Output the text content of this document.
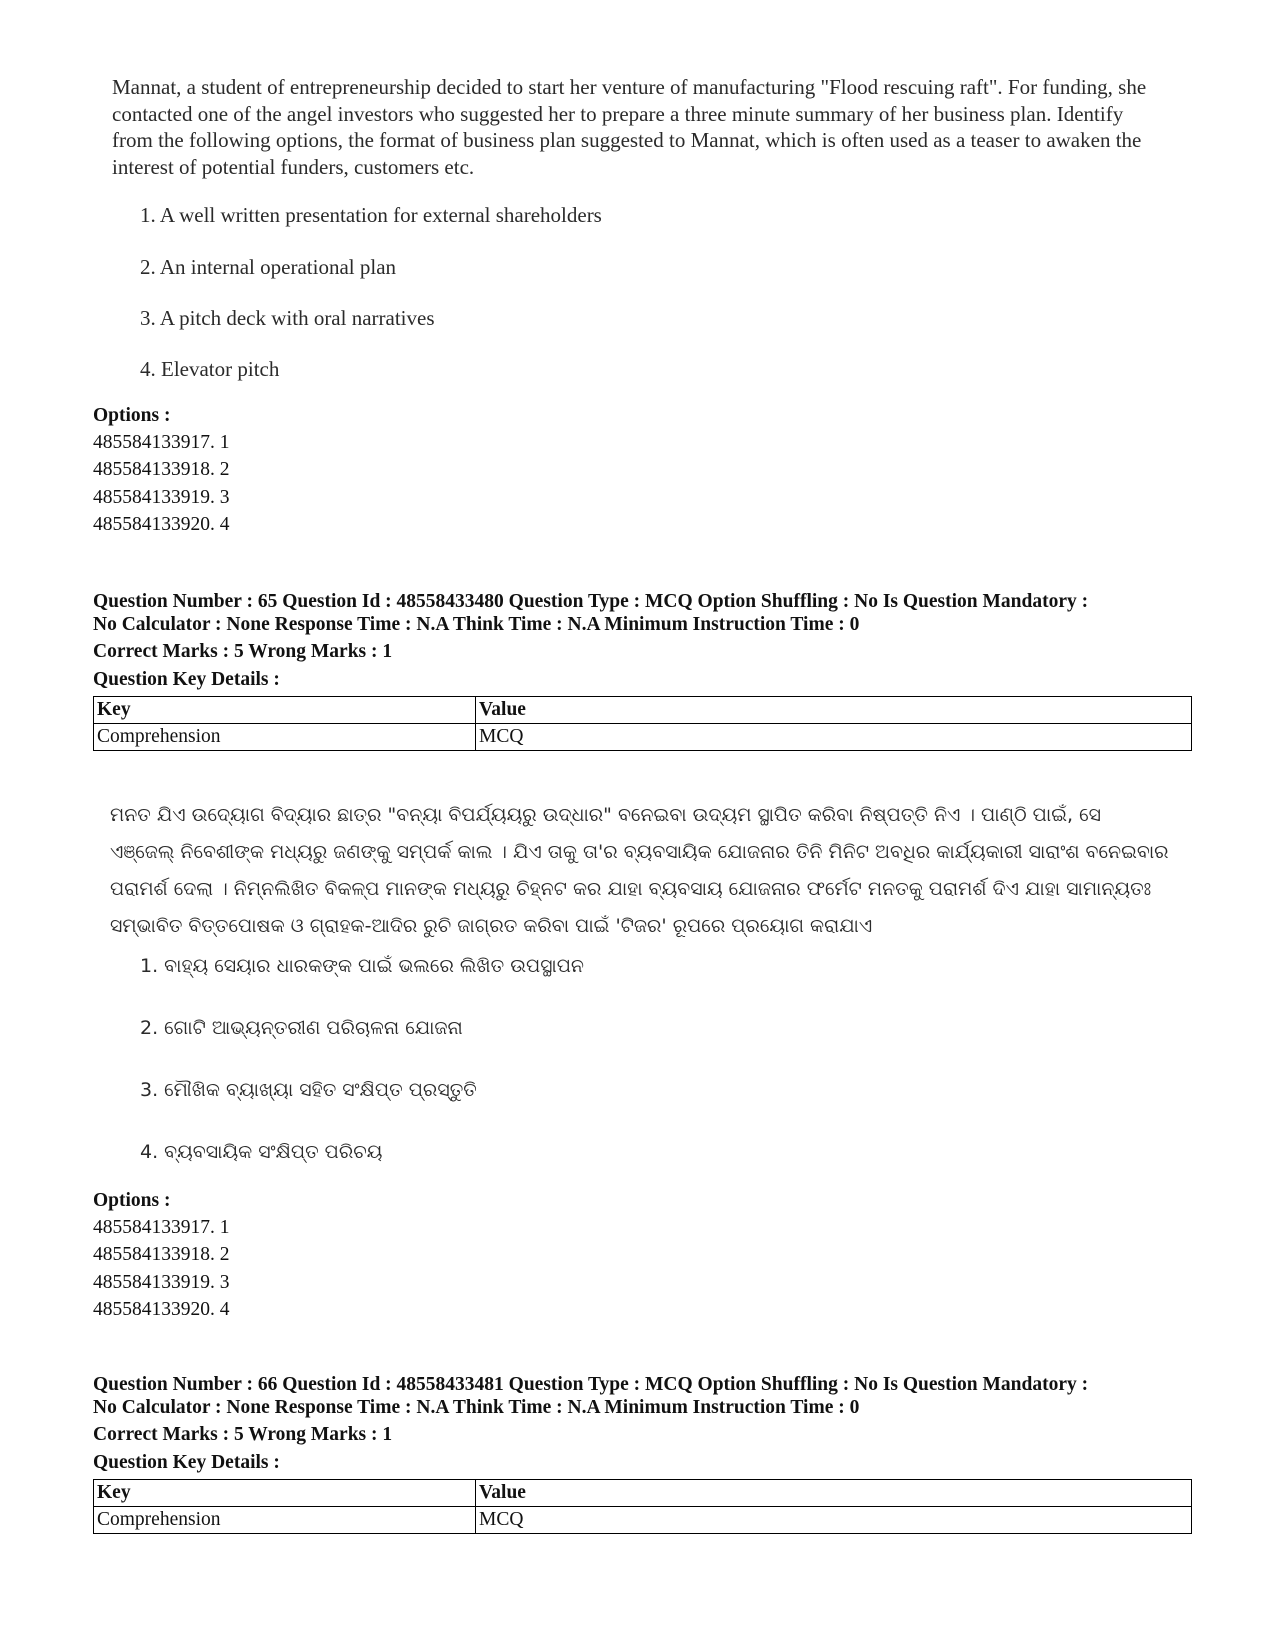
Mannat, a student of entrepreneurship decided to start her venture of manufacturing "Flood rescuing raft". For funding, she contacted one of the angel investors who suggested her to prepare a three minute summary of her business plan. Identify from the following options, the format of business plan suggested to Mannat, which is often used as a teaser to awaken the interest of potential funders, customers etc.
1. A well written presentation for external shareholders
2. An internal operational plan
3. A pitch deck with oral narratives
4. Elevator pitch
Options :
485584133917. 1
485584133918. 2
485584133919. 3
485584133920. 4
Question Number : 65 Question Id : 48558433480 Question Type : MCQ Option Shuffling : No Is Question Mandatory :
No Calculator : None Response Time : N.A Think Time : N.A Minimum Instruction Time : 0
Correct Marks : 5 Wrong Marks : 1
Question Key Details :
Key	Value
Comprehension	MCQ
ମନତ ଯିଏ ଉଦ୍ୟୋଗ ବିଦ୍ୟାର ଛାତ୍ର "ବନ୍ୟା ବିପର୍ଯ୍ୟୟରୁ ଉଦ୍ଧାର" ବନେଇବା ଉଦ୍ୟମ ସ୍ଥାପିତ କରିବା ନିଷ୍ପତ୍ତି ନିଏ । ପାଣ୍ଠି ପାଇଁ, ସେ ଏଞ୍ଜେଲ୍ ନିବେଶୀଙ୍କ ମଧ୍ୟରୁ ଜଣଙ୍କୁ ସମ୍ପର୍କ କାଲ । ଯିଏ ତାକୁ ତା'ର ବ୍ୟବସାୟିକ ଯୋଜନାର ତିନି ମିନିଟ ଅବଧିର କାର୍ଯ୍ୟକାରୀ ସାରାଂଶ ବନେଇବାର ପରାମର୍ଶ ଦେଲା । ନିମ୍ନଲିଖିତ ବିକଳ୍ପ ମାନଙ୍କ ମଧ୍ୟରୁ ଚିହ୍ନଟ କର ଯାହା ବ୍ୟବସାୟ ଯୋଜନାର ଫର୍ମେଟ ମନତକୁ ପରାମର୍ଶ ଦିଏ ଯାହା ସାମାନ୍ୟତଃ ସମ୍ଭାବିତ ବିତ୍ତପୋଷକ ଓ ଗ୍ରାହକ-ଆଦିର ରୁଚି ଜାଗ୍ରତ କରିବା ପାଇଁ 'ଟିଜର' ରୂପରେ ପ୍ରୟୋଗ କରାଯାଏ
1. ବାହ୍ୟ ସେୟାର ଧାରକଙ୍କ ପାଇଁ ଭଲରେ ଲିଖିତ ଉପସ୍ଥାପନ
2. ଗୋଟି ଆଭ୍ୟନ୍ତରୀଣ ପରିଚାଳନା ଯୋଜନା
3. ମୌଖିକ ବ୍ୟାଖ୍ୟା ସହିତ ସଂକ୍ଷିପ୍ତ ପ୍ରସ୍ତୁତି
4. ବ୍ୟବସାୟିକ ସଂକ୍ଷିପ୍ତ ପରିଚୟ
Options :
485584133917. 1
485584133918. 2
485584133919. 3
485584133920. 4
Question Number : 66 Question Id : 48558433481 Question Type : MCQ Option Shuffling : No Is Question Mandatory :
No Calculator : None Response Time : N.A Think Time : N.A Minimum Instruction Time : 0
Correct Marks : 5 Wrong Marks : 1
Question Key Details :
Key	Value
Comprehension	MCQ
